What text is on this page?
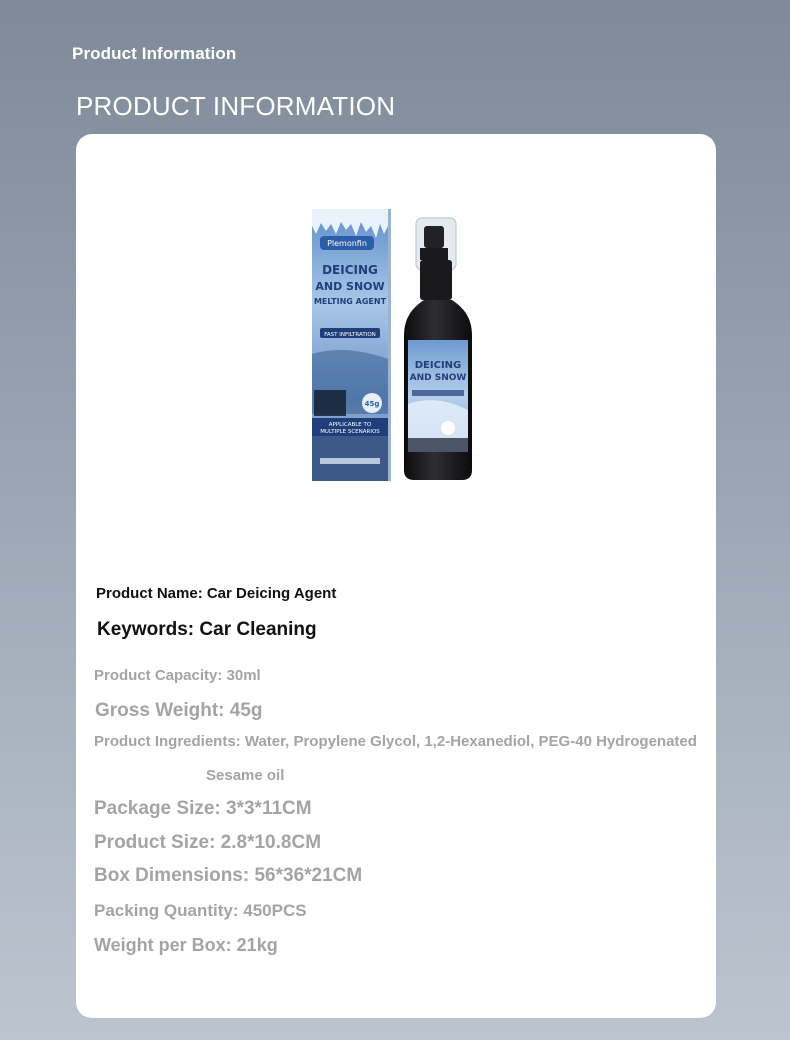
Product Information
PRODUCT INFORMATION
Plemonfin
DEICING
AND SNOW
MELTING AGENT
FAST INFILTRATION
45g
APPLICABLE TO
MULTIPLE SCENARIOS
DEICING
AND SNOW
Product Name: Car Deicing Agent
Keywords: Car Cleaning
Product Capacity: 30ml
Gross Weight: 45g
Product Ingredients: Water, Propylene Glycol, 1,2-Hexanediol, PEG-40 Hydrogenated
Sesame oil
Package Size: 3*3*11CM
Product Size: 2.8*10.8CM
Box Dimensions: 56*36*21CM
Packing Quantity: 450PCS
Weight per Box: 21kg
